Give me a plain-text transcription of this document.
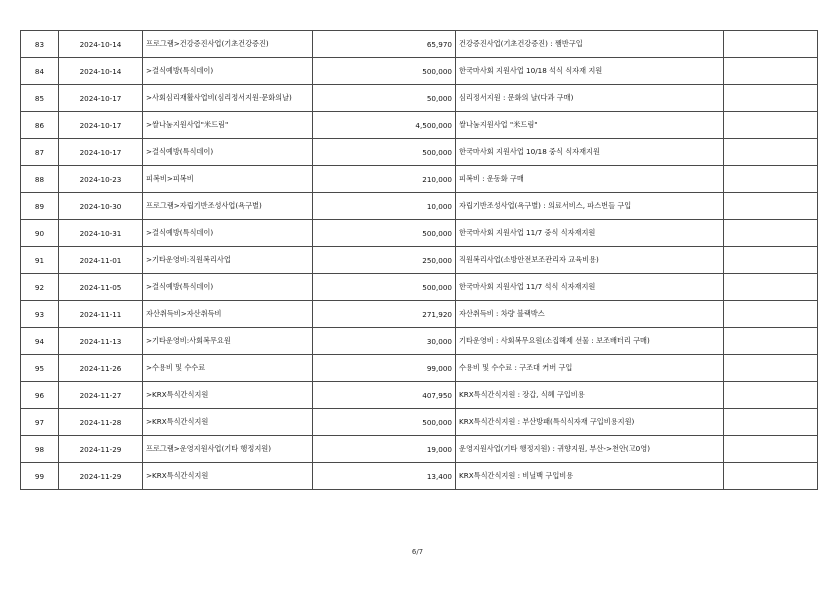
83	2024-10-14	프로그램>건강증진사업(기초건강증진)	65,970	건강증진사업(기초건강증진) : 쨈반구입	
84	2024-10-14	>결식예방(특식데이)	500,000	한국마사회 지원사업 10/18 석식 식자재 지원	
85	2024-10-17	>사회심리재활사업비(심리정서지원·문화의날)	50,000	심리정서지원 : 문화의 날(다과 구매)	
86	2024-10-17	>쌀나눔지원사업"米드림"	4,500,000	쌀나눔지원사업 "米드림"	
87	2024-10-17	>결식예방(특식데이)	500,000	한국마사회 지원사업 10/18 중식 식자재지원	
88	2024-10-23	피복비>피복비	210,000	피복비 : 운동화 구매	
89	2024-10-30	프로그램>자립기반조성사업(욕구별)	10,000	자립기반조성사업(욕구별) : 의료서비스, 파스번들 구입	
90	2024-10-31	>결식예방(특식데이)	500,000	한국마사회 지원사업 11/7 중식 식자재지원	
91	2024-11-01	>기타운영비:직원복리사업	250,000	직원복리사업(소방안전보조관리자 교육비용)	
92	2024-11-05	>결식예방(특식데이)	500,000	한국마사회 지원사업 11/7 석식 식자재지원	
93	2024-11-11	자산취득비>자산취득비	271,920	자산취득비 : 차량 블랙박스	
94	2024-11-13	>기타운영비:사회복무요원	30,000	기타운영비 : 사회복무요원(소집해제 선물 : 보조배터리 구매)	
95	2024-11-26	>수용비 및 수수료	99,000	수용비 및 수수료 : 구조대 커버 구입	
96	2024-11-27	>KRX특식간식지원	407,950	KRX특식간식지원 : 장갑, 식혜 구입비용	
97	2024-11-28	>KRX특식간식지원	500,000	KRX특식간식지원 : 부산방패(특식식자재 구입비용지원)	
98	2024-11-29	프로그램>운영지원사업(기타 행정지원)	19,000	운영지원사업(기타 행정지원) : 귀향지원, 부산->천안(고0영)	
99	2024-11-29	>KRX특식간식지원	13,400	KRX특식간식지원 : 비닐백 구입비용	
6/7
